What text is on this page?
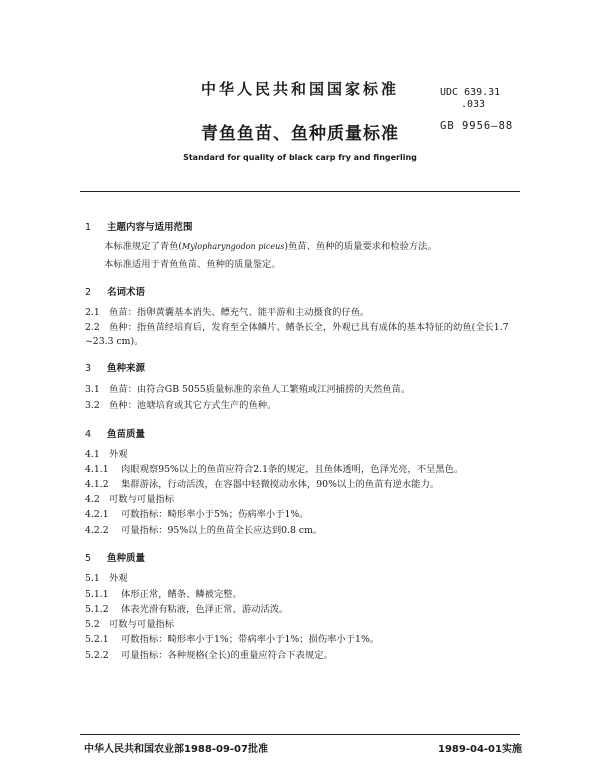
中华人民共和国国家标准	UDC 639.31
.033
青鱼鱼苗、鱼种质量标准	GB 9956—88
Standard for quality of black carp fry and fingerling
1 主题内容与适用范围
本标准规定了青鱼(Mylopharyngodon piceus)鱼苗、鱼种的质量要求和检验方法。
本标准适用于青鱼鱼苗、鱼种的质量鉴定。
2 名词术语
2.1 鱼苗：指卵黄囊基本消失、鳔充气、能平游和主动摄食的仔鱼。
2.2 鱼种：指鱼苗经培育后，发育至全体鳞片、鳍条长全，外观已具有成体的基本特征的幼鱼(全长1.7
~23.3 cm)。
3 鱼种来源
3.1 鱼苗：由符合GB 5055质量标准的亲鱼人工繁殖或江河捕捞的天然鱼苗。
3.2 鱼种：池塘培育或其它方式生产的鱼种。
4 鱼苗质量
4.1 外观
4.1.1 肉眼观察95%以上的鱼苗应符合2.1条的规定，且鱼体透明，色泽光亮，不呈黑色。
4.1.2 集群游泳，行动活泼，在容器中轻微搅动水体，90%以上的鱼苗有逆水能力。
4.2 可数与可量指标
4.2.1 可数指标：畸形率小于5%；伤病率小于1%。
4.2.2 可量指标：95%以上的鱼苗全长应达到0.8 cm。
5 鱼种质量
5.1 外观
5.1.1 体形正常，鳍条、鳞被完整。
5.1.2 体表光滑有粘液，色泽正常，游动活泼。
5.2 可数与可量指标
5.2.1 可数指标：畸形率小于1%；带病率小于1%；损伤率小于1%。
5.2.2 可量指标：各种规格(全长)的重量应符合下表规定。
中华人民共和国农业部1988-09-07批准	1989-04-01实施
